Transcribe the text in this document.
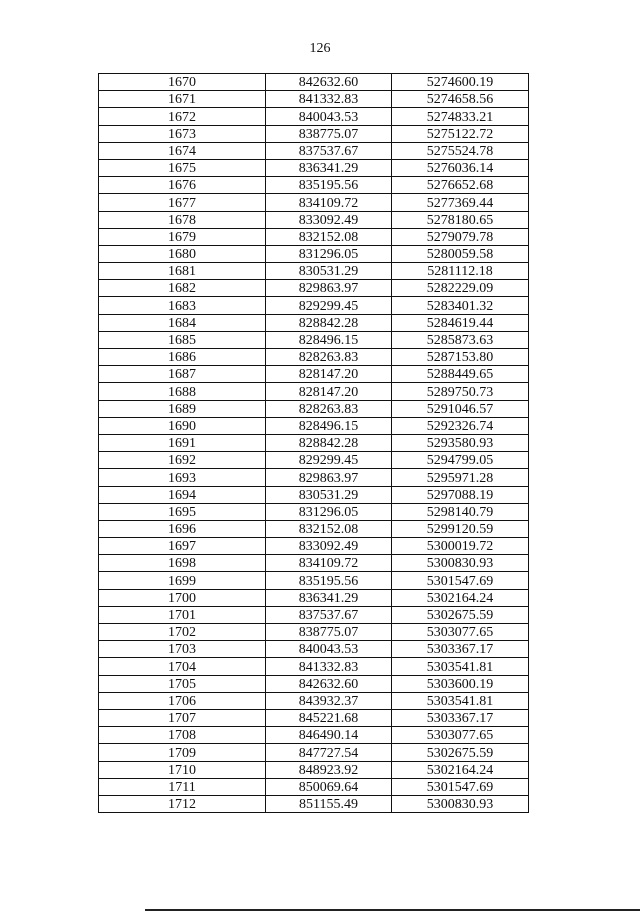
126
1670	842632.60	5274600.19
1671	841332.83	5274658.56
1672	840043.53	5274833.21
1673	838775.07	5275122.72
1674	837537.67	5275524.78
1675	836341.29	5276036.14
1676	835195.56	5276652.68
1677	834109.72	5277369.44
1678	833092.49	5278180.65
1679	832152.08	5279079.78
1680	831296.05	5280059.58
1681	830531.29	5281112.18
1682	829863.97	5282229.09
1683	829299.45	5283401.32
1684	828842.28	5284619.44
1685	828496.15	5285873.63
1686	828263.83	5287153.80
1687	828147.20	5288449.65
1688	828147.20	5289750.73
1689	828263.83	5291046.57
1690	828496.15	5292326.74
1691	828842.28	5293580.93
1692	829299.45	5294799.05
1693	829863.97	5295971.28
1694	830531.29	5297088.19
1695	831296.05	5298140.79
1696	832152.08	5299120.59
1697	833092.49	5300019.72
1698	834109.72	5300830.93
1699	835195.56	5301547.69
1700	836341.29	5302164.24
1701	837537.67	5302675.59
1702	838775.07	5303077.65
1703	840043.53	5303367.17
1704	841332.83	5303541.81
1705	842632.60	5303600.19
1706	843932.37	5303541.81
1707	845221.68	5303367.17
1708	846490.14	5303077.65
1709	847727.54	5302675.59
1710	848923.92	5302164.24
1711	850069.64	5301547.69
1712	851155.49	5300830.93
